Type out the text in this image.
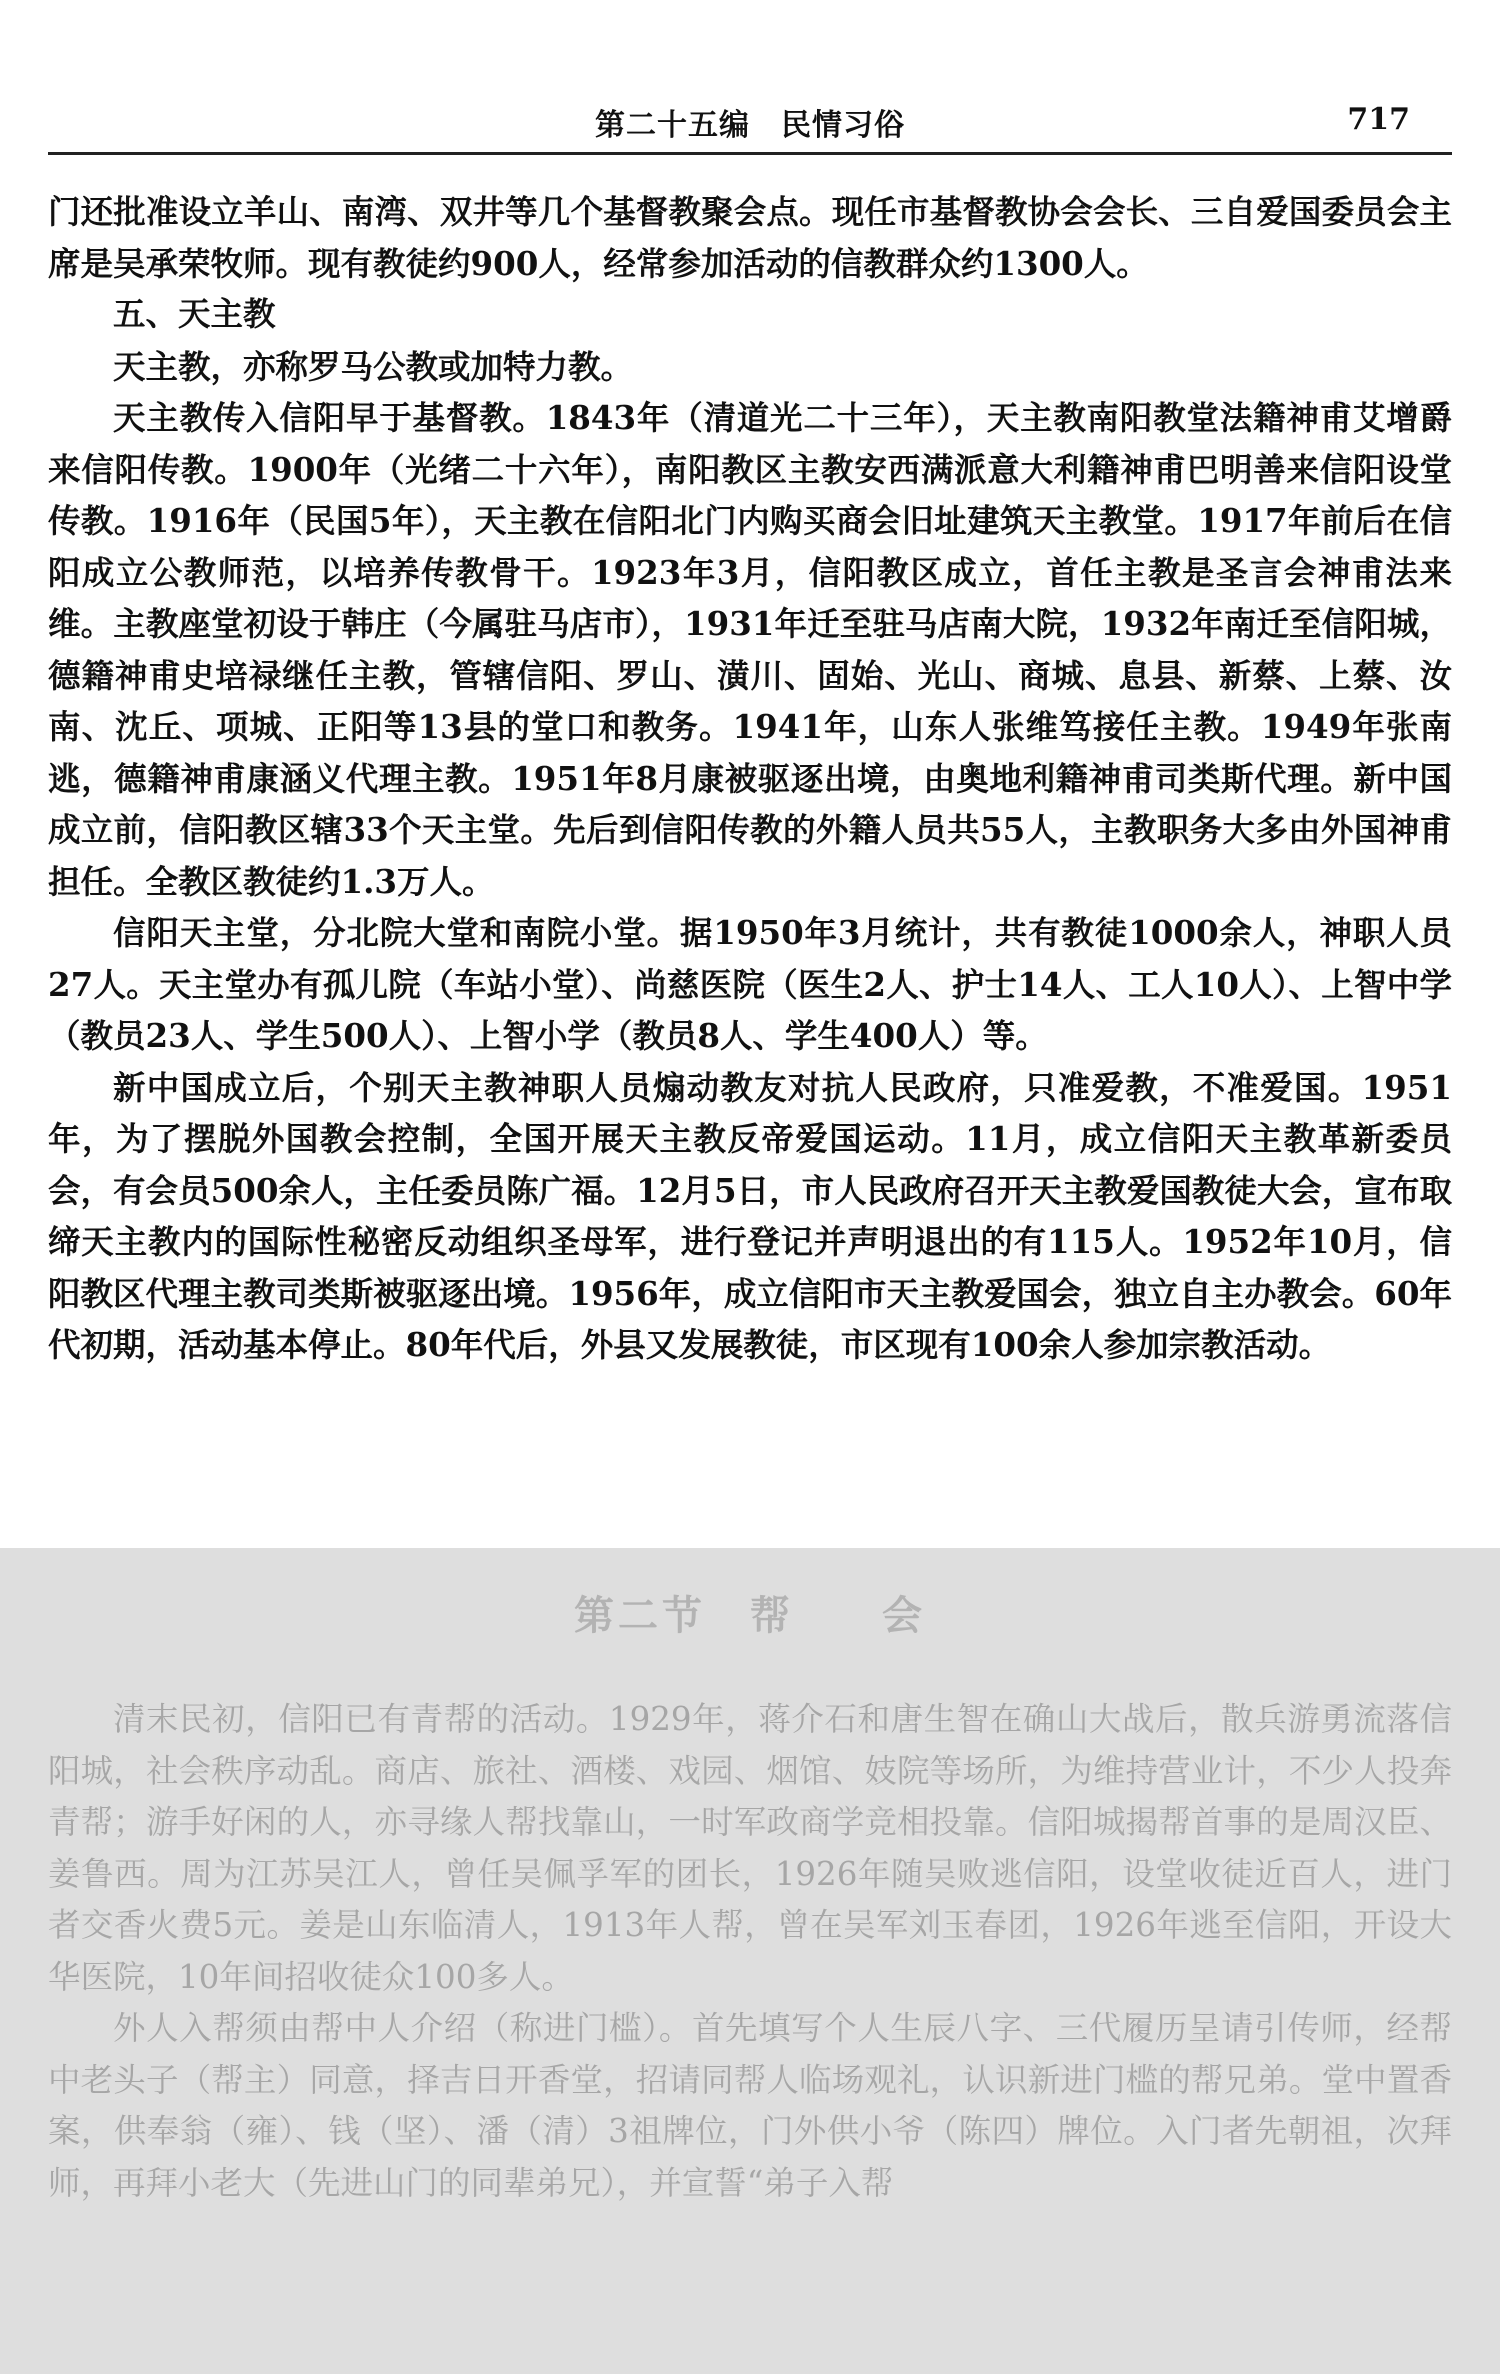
第二十五编　民情习俗	717

门还批准设立羊山、南湾、双井等几个基督教聚会点。现任市基督教协会会长、三自爱国委员会主席是吴承荣牧师。现有教徒约900人，经常参加活动的信教群众约1300人。

五、天主教

天主教，亦称罗马公教或加特力教。

天主教传入信阳早于基督教。1843年（清道光二十三年），天主教南阳教堂法籍神甫艾增爵来信阳传教。1900年（光绪二十六年），南阳教区主教安西满派意大利籍神甫巴明善来信阳设堂传教。1916年（民国5年），天主教在信阳北门内购买商会旧址建筑天主教堂。1917年前后在信阳成立公教师范，以培养传教骨干。1923年3月，信阳教区成立，首任主教是圣言会神甫法来维。主教座堂初设于韩庄（今属驻马店市），1931年迁至驻马店南大院，1932年南迁至信阳城，德籍神甫史培禄继任主教，管辖信阳、罗山、潢川、固始、光山、商城、息县、新蔡、上蔡、汝南、沈丘、项城、正阳等13县的堂口和教务。1941年，山东人张维笃接任主教。1949年张南逃，德籍神甫康涵义代理主教。1951年8月康被驱逐出境，由奥地利籍神甫司类斯代理。新中国成立前，信阳教区辖33个天主堂。先后到信阳传教的外籍人员共55人，主教职务大多由外国神甫担任。全教区教徒约1.3万人。

信阳天主堂，分北院大堂和南院小堂。据1950年3月统计，共有教徒1000余人，神职人员27人。天主堂办有孤儿院（车站小堂）、尚慈医院（医生2人、护士14人、工人10人）、上智中学（教员23人、学生500人）、上智小学（教员8人、学生400人）等。

新中国成立后，个别天主教神职人员煽动教友对抗人民政府，只准爱教，不准爱国。1951年，为了摆脱外国教会控制，全国开展天主教反帝爱国运动。11月，成立信阳天主教革新委员会，有会员500余人，主任委员陈广福。12月5日，市人民政府召开天主教爱国教徒大会，宣布取缔天主教内的国际性秘密反动组织圣母军，进行登记并声明退出的有115人。1952年10月，信阳教区代理主教司类斯被驱逐出境。1956年，成立信阳市天主教爱国会，独立自主办教会。60年代初期，活动基本停止。80年代后，外县又发展教徒，市区现有100余人参加宗教活动。

第二节　帮　　会

清末民初，信阳已有青帮的活动。1929年，蒋介石和唐生智在确山大战后，散兵游勇流落信阳城，社会秩序动乱。商店、旅社、酒楼、戏园、烟馆、妓院等场所，为维持营业计，不少人投奔青帮；游手好闲的人，亦寻缘人帮找靠山，一时军政商学竞相投靠。信阳城揭帮首事的是周汉臣、姜鲁西。周为江苏吴江人，曾任吴佩孚军的团长，1926年随吴败逃信阳，设堂收徒近百人，进门者交香火费5元。姜是山东临清人，1913年人帮，曾在吴军刘玉春团，1926年逃至信阳，开设大华医院，10年间招收徒众100多人。

外人入帮须由帮中人介绍（称进门槛）。首先填写个人生辰八字、三代履历呈请引传师，经帮中老头子（帮主）同意，择吉日开香堂，招请同帮人临场观礼，认识新进门槛的帮兄弟。堂中置香案，供奉翁（雍）、钱（坚）、潘（清）3祖牌位，门外供小爷（陈四）牌位。入门者先朝祖，次拜师，再拜小老大（先进山门的同辈弟兄），并宣誓“弟子入帮
